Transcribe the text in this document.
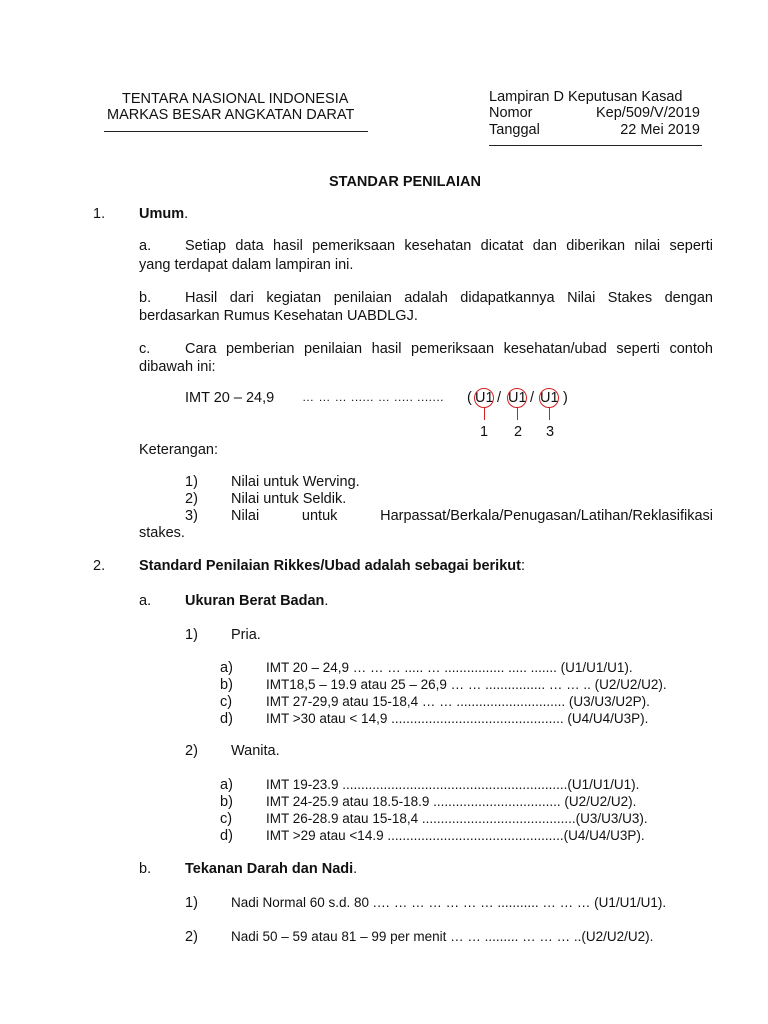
TENTARA NASIONAL INDONESIA
MARKAS BESAR ANGKATAN DARAT
Lampiran D Keputusan Kasad
Nomor	Kep/509/V/2019
Tanggal	22 Mei 2019
STANDAR PENILAIAN
1. Umum.
a. Setiap data hasil pemeriksaan kesehatan dicatat dan diberikan nilai seperti
yang terdapat dalam lampiran ini.
b. Hasil dari kegiatan penilaian adalah didapatkannya Nilai Stakes dengan
berdasarkan Rumus Kesehatan UABDLGJ.
c. Cara pemberian penilaian hasil pemeriksaan kesehatan/ubad seperti contoh
dibawah ini:
IMT 20 – 24,9 … … … ...... … ..... ....... ( U1 / U1 / U1 )
1 2 3
Keterangan:
1) Nilai untuk Werving.
2) Nilai untuk Seldik.
3) Nilai untuk Harpassat/Berkala/Penugasan/Latihan/Reklasifikasi
stakes.
2. Standard Penilaian Rikkes/Ubad adalah sebagai berikut:
a. Ukuran Berat Badan.
1) Pria.
a) IMT 20 – 24,9 … … … ..... … ................ ..... ....... (U1/U1/U1).
b) IMT18,5 – 19.9 atau 25 – 26,9 … … ................ … … .. (U2/U2/U2).
c)	IMT 27-29,9 atau 15-18,4 … … ............................. (U3/U3/U2P).
d) IMT >30 atau < 14,9 .............................................. (U4/U4/U3P).
2) Wanita.
a) IMT 19-23.9 ............................................................(U1/U1/U1).
b) IMT 24-25.9 atau 18.5-18.9 .................................. (U2/U2/U2).
c)	IMT 26-28.9 atau 15-18,4 .........................................(U3/U3/U3).
d) IMT >29 atau <14.9 ...............................................(U4/U4/U3P).
b. Tekanan Darah dan Nadi.
1) Nadi Normal 60 s.d. 80 .… … … … … … … ........... … … … (U1/U1/U1).
2) Nadi 50 – 59 atau 81 – 99 per menit … … ......... … … … ..(U2/U2/U2).
